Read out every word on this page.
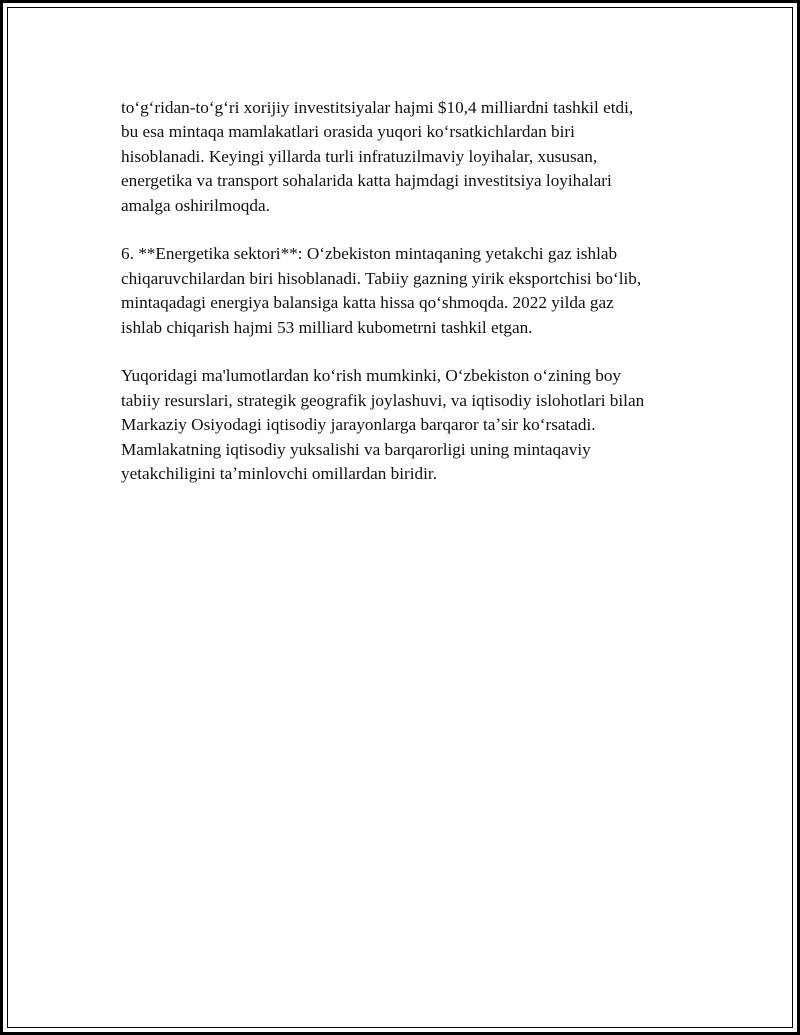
toʻgʻridan-toʻgʻri xorijiy investitsiyalar hajmi $10,4 milliardni tashkil etdi,
bu esa mintaqa mamlakatlari orasida yuqori koʻrsatkichlardan biri
hisoblanadi. Keyingi yillarda turli infratuzilmaviy loyihalar, xususan,
energetika va transport sohalarida katta hajmdagi investitsiya loyihalari
amalga oshirilmoqda.

6. **Energetika sektori**: Oʻzbekiston mintaqaning yetakchi gaz ishlab
chiqaruvchilardan biri hisoblanadi. Tabiiy gazning yirik eksportchisi boʻlib,
mintaqadagi energiya balansiga katta hissa qoʻshmoqda. 2022 yilda gaz
ishlab chiqarish hajmi 53 milliard kubometrni tashkil etgan.

Yuqoridagi ma'lumotlardan koʻrish mumkinki, Oʻzbekiston oʻzining boy
tabiiy resurslari, strategik geografik joylashuvi, va iqtisodiy islohotlari bilan
Markaziy Osiyodagi iqtisodiy jarayonlarga barqaror taʼsir koʻrsatadi.
Mamlakatning iqtisodiy yuksalishi va barqarorligi uning mintaqaviy
yetakchiligini taʼminlovchi omillardan biridir.
